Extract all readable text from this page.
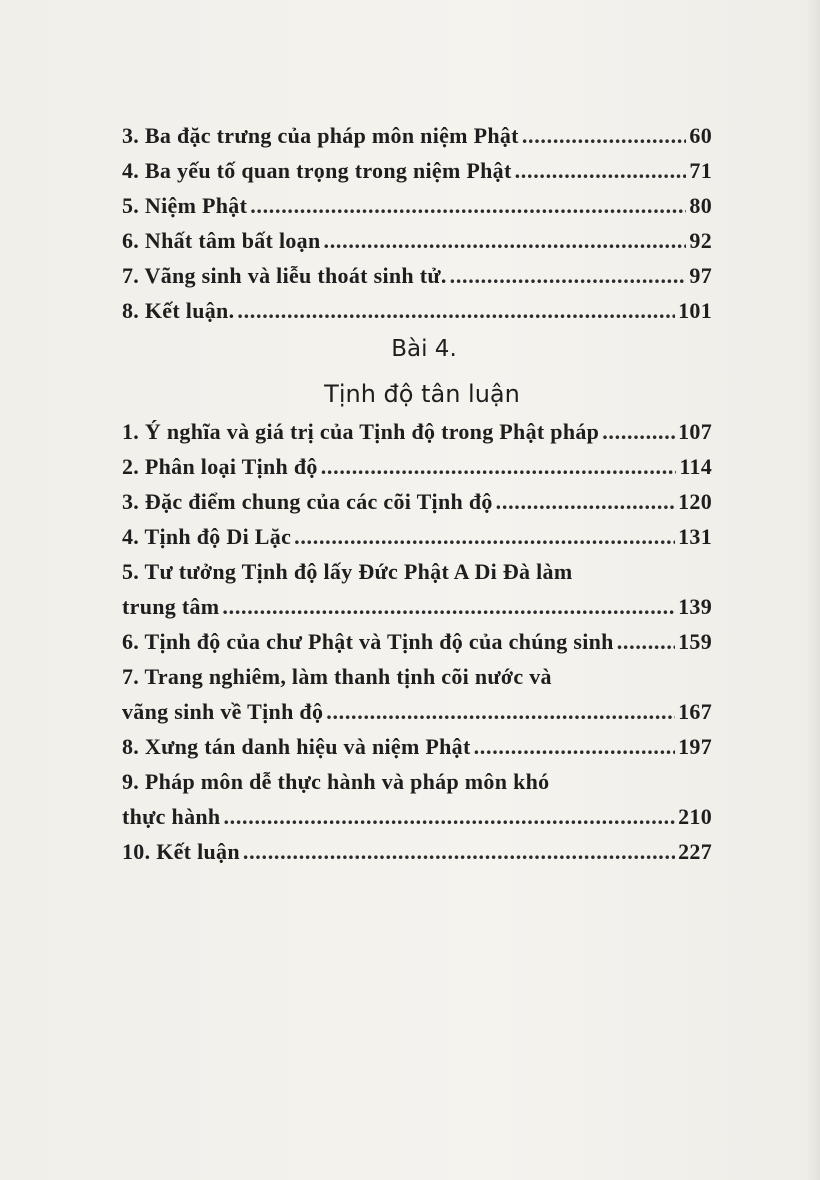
3. Ba đặc trưng của pháp môn niệm Phật . . .	60
4. Ba yếu tố quan trọng trong niệm Phật . . .	71
5. Niệm Phật . . .	80
6. Nhất tâm bất loạn . . .	92
7. Vãng sinh và liễu thoát sinh tử. . . .	97
8. Kết luận. . . .	101
Bài 4.
Tịnh độ tân luận
1. Ý nghĩa và giá trị của Tịnh độ trong Phật pháp . . .	107
2. Phân loại Tịnh độ . . .	114
3. Đặc điểm chung của các cõi Tịnh độ . . .	120
4. Tịnh độ Di Lặc . . .	131
5. Tư tưởng Tịnh độ lấy Đức Phật A Di Đà làm
trung tâm . . .	139
6. Tịnh độ của chư Phật và Tịnh độ của chúng sinh . . .	159
7. Trang nghiêm, làm thanh tịnh cõi nước và
vãng sinh về Tịnh độ . . .	167
8. Xưng tán danh hiệu và niệm Phật . . .	197
9. Pháp môn dễ thực hành và pháp môn khó
thực hành . . .	210
10. Kết luận . . .	227
